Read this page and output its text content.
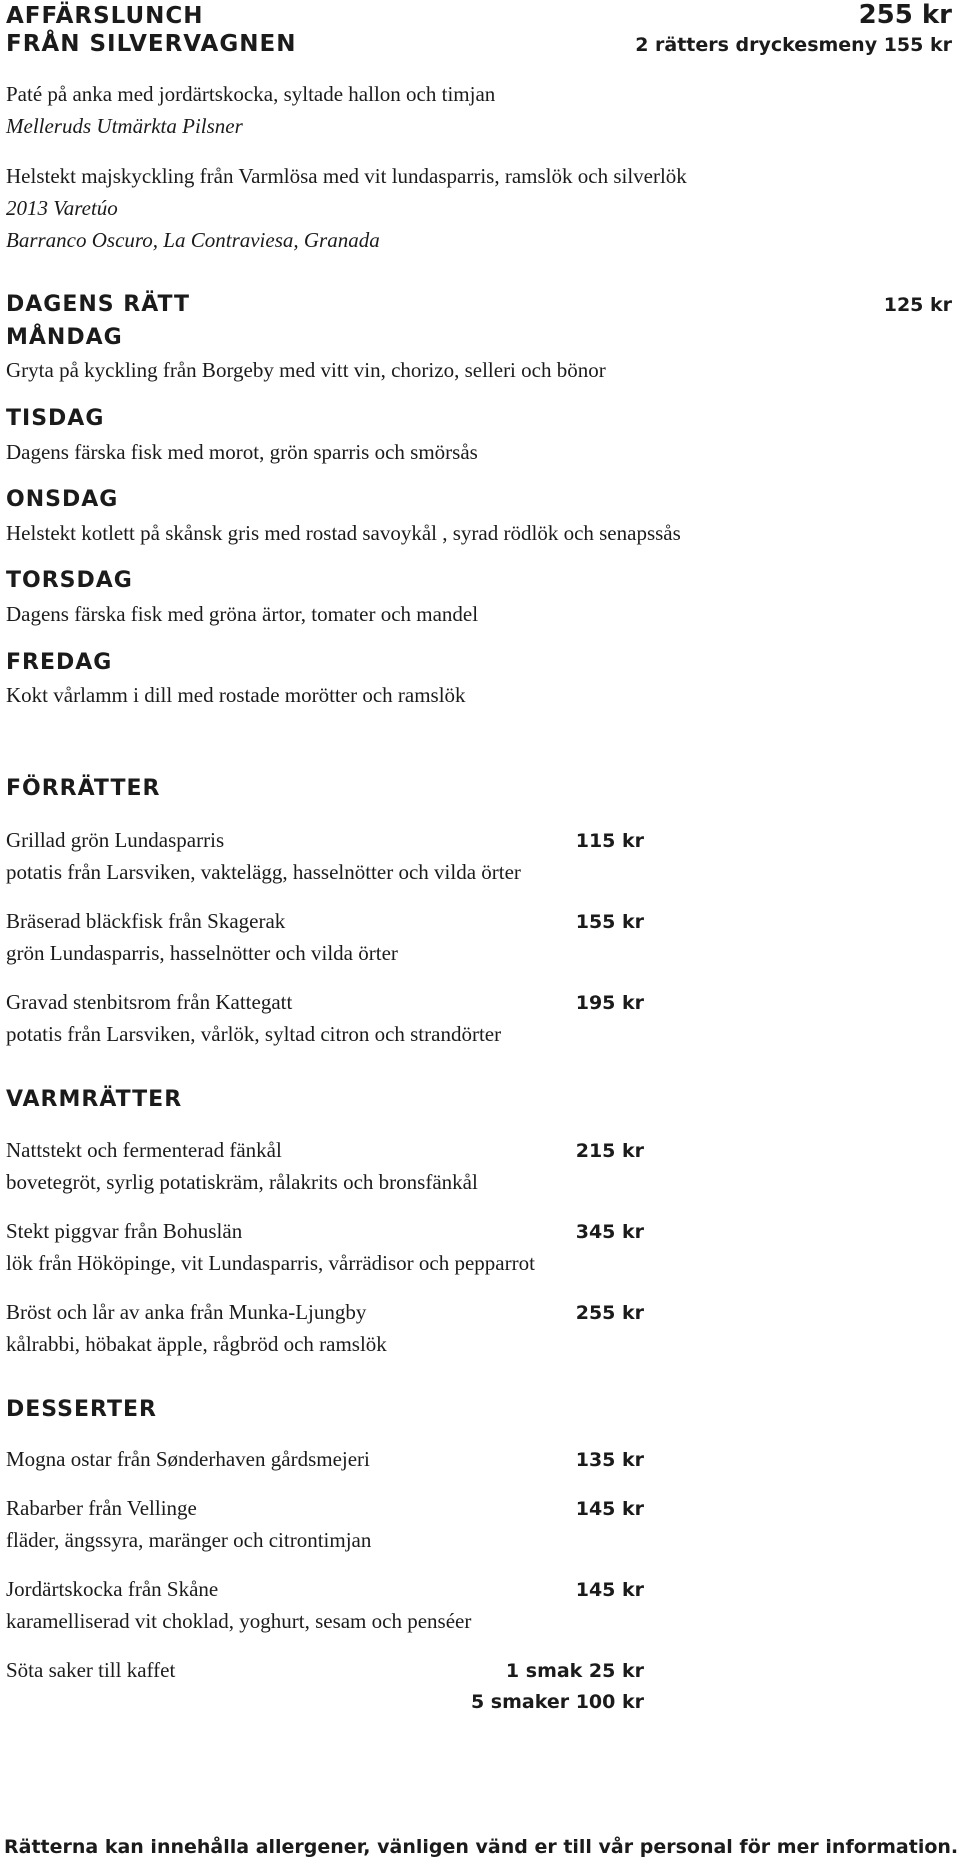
AFFÄRSLUNCH
FRÅN SILVERVAGNEN
255 kr
2 rätters dryckesmeny 155 kr
Paté på anka med jordärtskocka, syltade hallon och timjan
Melleruds Utmärkta Pilsner
Helstekt majskyckling från Varmlösa med vit lundasparris, ramslök och silverlök
2013 Varetúo
Barranco Oscuro, La Contraviesa, Granada
DAGENS RÄTT	125 kr
MÅNDAG
Gryta på kyckling från Borgeby med vitt vin, chorizo, selleri och bönor
TISDAG
Dagens färska fisk med morot, grön sparris och smörsås
ONSDAG
Helstekt kotlett på skånsk gris med rostad savoykål , syrad rödlök och senapssås
TORSDAG
Dagens färska fisk med gröna ärtor, tomater och mandel
FREDAG
Kokt vårlamm i dill med rostade morötter och ramslök
FÖRRÄTTER
Grillad grön Lundasparris	115 kr
potatis från Larsviken, vaktelägg, hasselnötter och vilda örter
Bräserad bläckfisk från Skagerak	155 kr
grön Lundasparris, hasselnötter och vilda örter
Gravad stenbitsrom från Kattegatt	195 kr
potatis från Larsviken, vårlök, syltad citron och strandörter
VARMRÄTTER
Nattstekt och fermenterad fänkål	215 kr
bovetegröt, syrlig potatiskräm, rålakrits och bronsfänkål
Stekt piggvar från Bohuslän	345 kr
lök från Hököpinge, vit Lundasparris, vårrädisor och pepparrot
Bröst och lår av anka från Munka-Ljungby	255 kr
kålrabbi, höbakat äpple, rågbröd och ramslök
DESSERTER
Mogna ostar från Sønderhaven gårdsmejeri	135 kr
Rabarber från Vellinge	145 kr
fläder, ängssyra, maränger och citrontimjan
Jordärtskocka från Skåne	145 kr
karamelliserad vit choklad, yoghurt, sesam och penséer
Söta saker till kaffet	1 smak 25 kr
5 smaker 100 kr
Rätterna kan innehålla allergener, vänligen vänd er till vår personal för mer information.
